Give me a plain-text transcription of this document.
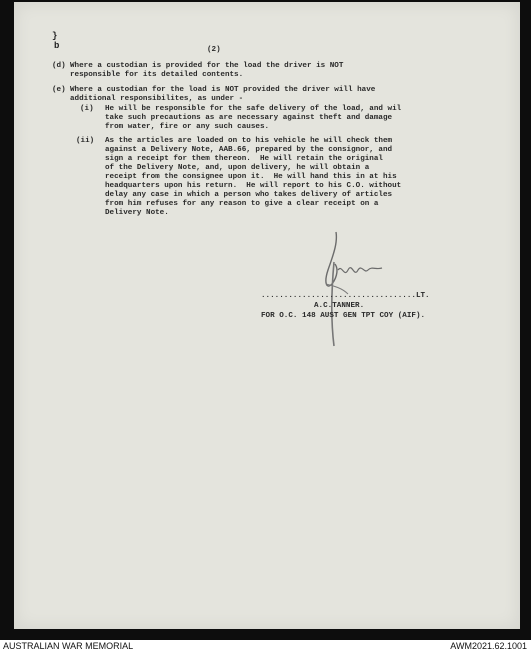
}
b	(2)
(d) Where a custodian is provided for the load the driver is NOT
responsible for its detailed contents.
(e) Where a custodian for the load is NOT provided the driver will have
additional responsibilites, as under -
(i) He will be responsible for the safe delivery of the load, and wil
take such precautions as are necessary against theft and damage
from water, fire or any such causes.
(ii) As the articles are loaded on to his vehicle he will check them
against a Delivery Note, AAB.66, prepared by the consignor, and
sign a receipt for them thereon.  He will retain the original
of the Delivery Note, and, upon delivery, he will obtain a
receipt from the consignee upon it.  He will hand this in at his
headquarters upon his return.  He will report to his C.O. without
delay any case in which a person who takes delivery of articles
from him refuses for any reason to give a clear receipt on a
Delivery Note.
..................................LT.
A.C.TANNER.
FOR O.C. 148 AUST GEN TPT COY (AIF).
AUSTRALIAN WAR MEMORIAL	AWM2021.62.1001
